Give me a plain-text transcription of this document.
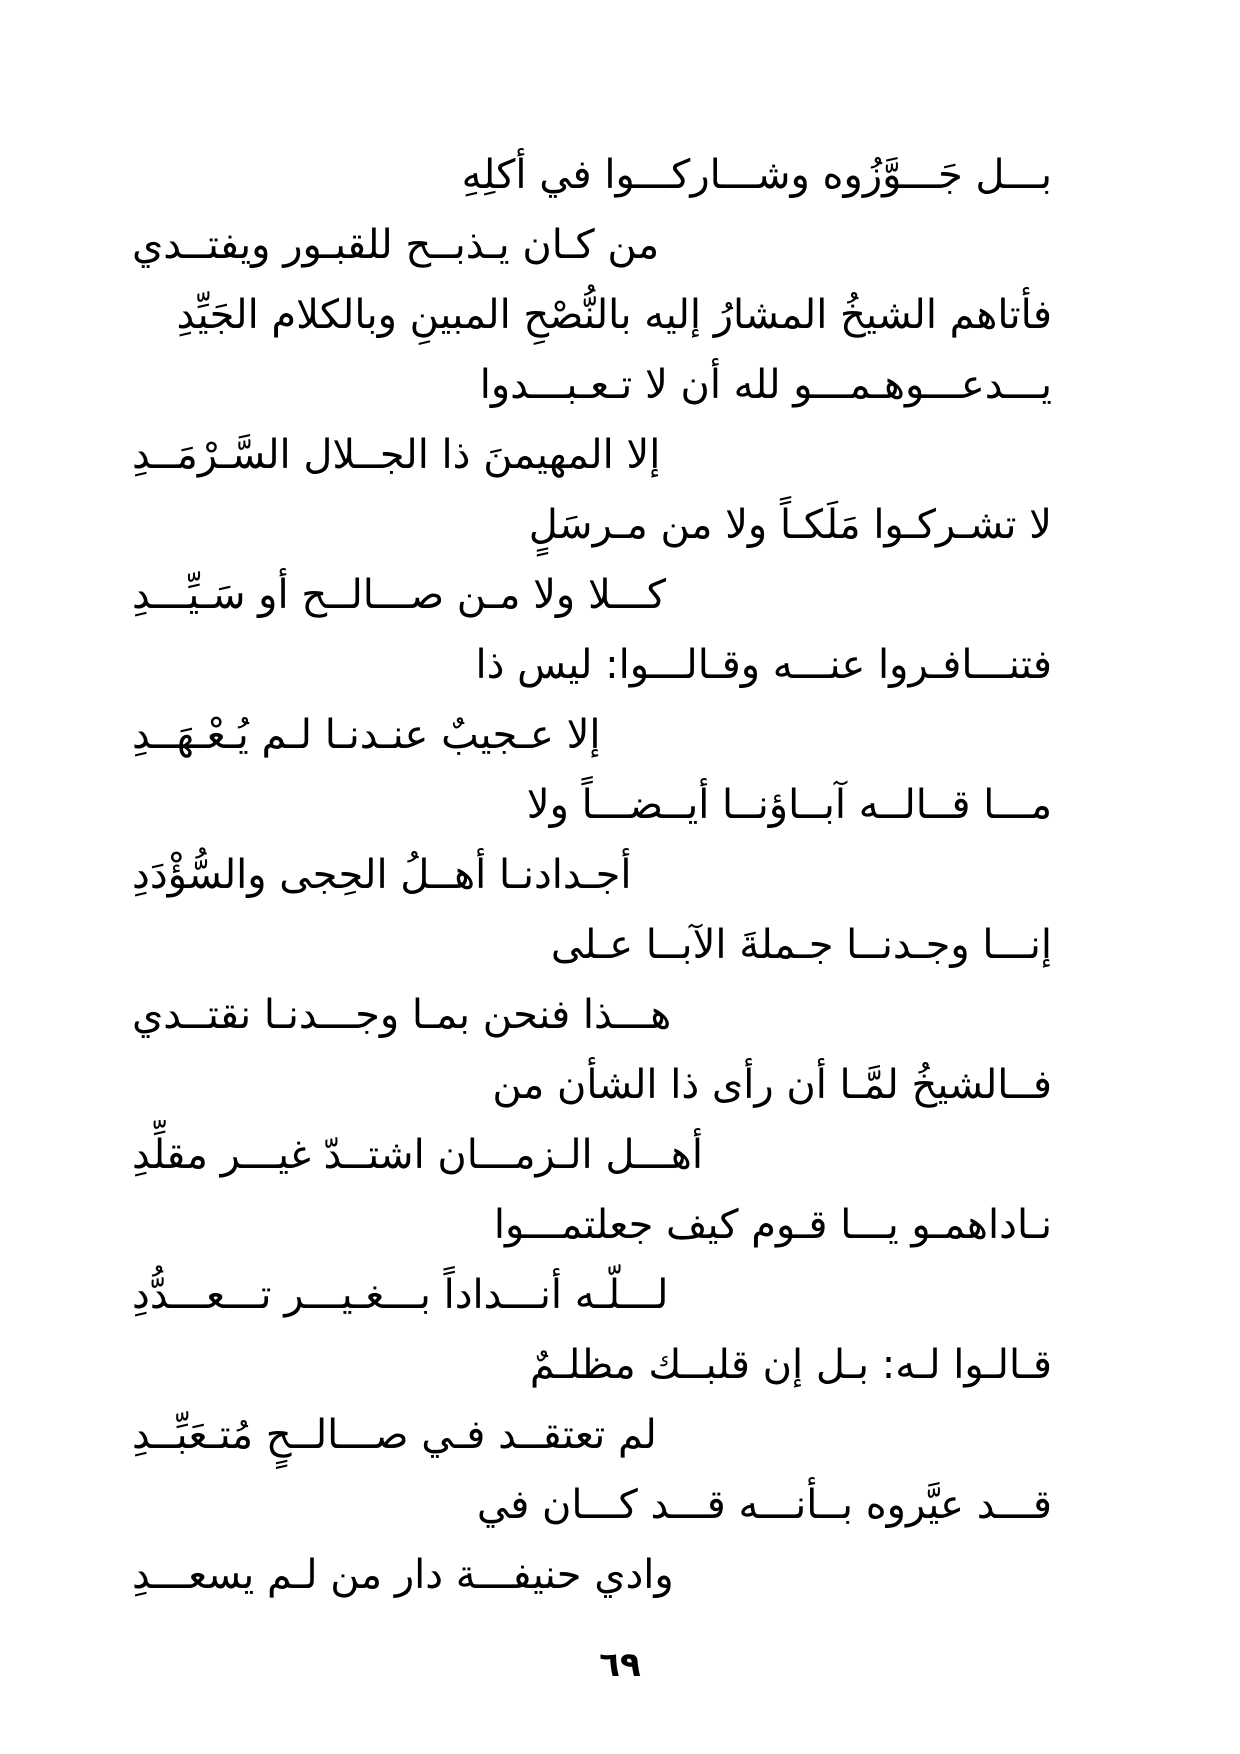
بـــل جَـــوَّزُوه وشـــاركـــوا في أكلِهِ
من كـان يـذبــح للقبـور ويفتــدي
فأتاهم الشيخُ المشارُ إليه بالنُّصْحِ المبينِ وبالكلام الجَيِّدِ
يـــدعـــوهـمـــو لله أن لا تـعـبـــدوا
إلا المهيمنَ ذا الجــلال السَّـرْمَــدِ
لا تشـركـوا مَلَكـاً ولا من مـرسَلٍ
كـــلا ولا مـن صـــالــح أو سَـيِّـــدِ
فتنـــافـروا عنـــه وقـالـــوا: ليس ذا
إلا عـجيبٌ عنـدنـا لـم يُـعْـهَــدِ
مـــا قــالــه آبــاؤنــا أيــضـــاً ولا
أجـدادنـا أهــلُ الحِجى والسُّؤْدَدِ
إنـــا وجـدنــا جـملةَ الآبــا عـلى
هـــذا فنحن بمـا وجـــدنـا نقتــدي
فــالشيخُ لمَّـا أن رأى ذا الشأن من
أهـــل الـزمـــان اشتــدّ غيـــر مقلِّدِ
نـاداهمـو يـــا قـوم كيف جعلتمـــوا
لـــلّـه أنـــداداً بـــغـيـــر تـــعـــدُّدِ
قـالـوا لـه: بـل إن قلبــك مظلـمٌ
لم تعتقــد فـي صـــالــحٍ مُتـعَبِّــدِ
قـــد عيَّروه بــأنـــه قـــد كـــان في
وادي حنيفـــة دار من لـم يسعـــدِ
٦٩
